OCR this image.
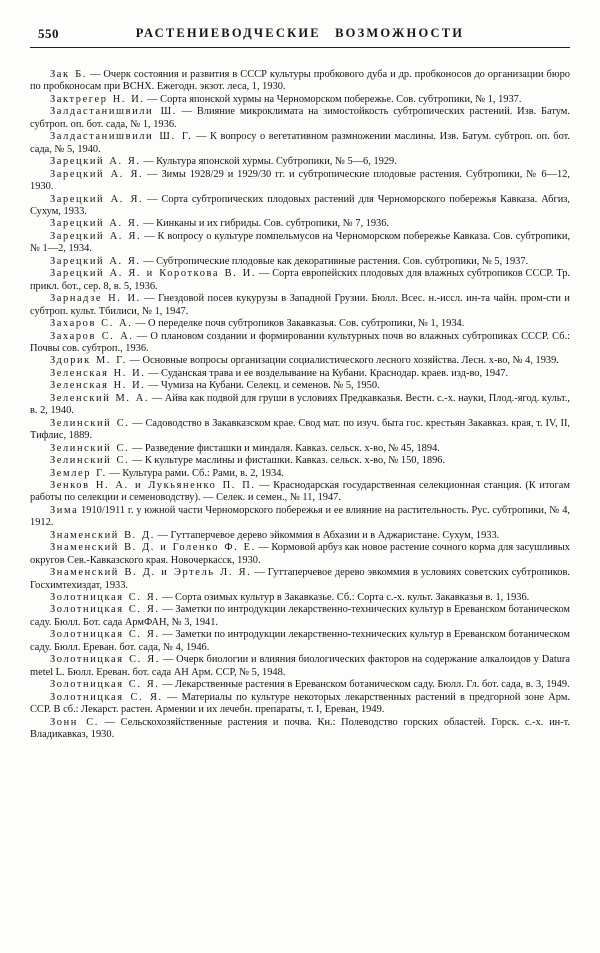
550	РАСТЕНИЕВОДЧЕСКИЕ ВОЗМОЖНОСТИ

Зак Б. — Очерк состояния и развития в СССР культуры пробкового дуба и др. пробконосов до организации бюро по пробконосам при ВСНХ. Ежегодн. экзот. леса, 1, 1930.

Зактрегер Н. И. — Сорта японской хурмы на Черноморском побережье. Сов. субтропики, № 1, 1937.

Залдастанишвили Ш. — Влияние микроклимата на зимостойкость субтропических растений. Изв. Батум. субтроп. оп. бот. сада, № 1, 1936.

Залдастанишвили Ш. Г. — К вопросу о вегетативном размножении маслины. Изв. Батум. субтроп. оп. бот. сада, № 5, 1940.

Зарецкий А. Я. — Культура японской хурмы. Субтропики, № 5—6, 1929.

Зарецкий А. Я. — Зимы 1928/29 и 1929/30 гг. и субтропические плодовые растения. Субтропики, № 6—12, 1930.

Зарецкий А. Я. — Сорта субтропических плодовых растений для Черноморского побережья Кавказа. Абгиз, Сухум, 1933.

Зарецкий А. Я. — Кинканы и их гибриды. Сов. субтропики, № 7, 1936.

Зарецкий А. Я. — К вопросу о культуре помпельмусов на Черноморском побережье Кавказа. Сов. субтропики, № 1—2, 1934.

Зарецкий А. Я. — Субтропические плодовые как декоративные растения. Сов. субтропики, № 5, 1937.

Зарецкий А. Я. и Короткова В. И. — Сорта европейских плодовых для влажных субтропиков СССР. Тр. прикл. бот., сер. 8, в. 5, 1936.

Зарнадзе Н. И. — Гнездовой посев кукурузы в Западной Грузии. Бюлл. Всес. н.-иссл. ин-та чайн. пром-сти и субтроп. культ. Тбилиси, № 1, 1947.

Захаров С. А. — О переделке почв субтропиков Закавказья. Сов. субтропики, № 1, 1934.

Захаров С. А. — О плановом создании и формировании культурных почв во влажных субтропиках СССР. Сб.: Почвы сов. субтроп., 1936.

Здорик М. Г. — Основные вопросы организации социалистического лесного хозяйства. Лесн. х-во, № 4, 1939.

Зеленская Н. И. — Суданская трава и ее возделывание на Кубани. Краснодар. краев. изд-во, 1947.

Зеленская Н. И. — Чумиза на Кубани. Селекц. и семенов. № 5, 1950.

Зеленский М. А. — Айва как подвой для груши в условиях Предкавказья. Вестн. с.-х. науки, Плод.-ягод. культ., в. 2, 1940.

Зелинский С. — Садоводство в Закавказском крае. Свод мат. по изуч. быта гос. крестьян Закавказ. края, т. IV, II, Тифлис, 1889.

Зелинский С. — Разведение фисташки и миндаля. Кавказ. сельск. х-во, № 45, 1894.

Зелинский С. — К культуре маслины и фисташки. Кавказ. сельск. х-во, № 150, 1896.

Землер Г. — Культура рами. Сб.: Рами, в. 2, 1934.

Зенков Н. А. и Лукьяненко П. П. — Краснодарская государственная селекционная станция. (К итогам работы по селекции и семеноводству). — Селек. и семен., № 11, 1947.

Зима 1910/1911 г. у южной части Черноморского побережья и ее влияние на растительность. Рус. субтропики, № 4, 1912.

Знаменский В. Д. — Гуттаперчевое дерево эйкоммия в Абхазии и в Аджаристане. Сухум, 1933.

Знаменский В. Д. и Голенко Ф. Е. — Кормовой арбуз как новое растение сочного корма для засушливых округов Сев.-Кавказского края. Новочеркасск, 1930.

Знаменский В. Д. и Эртель Л. Я. — Гуттаперчевое дерево эвкоммия в условиях советских субтропиков. Госхимтехиздат, 1933.

Золотницкая С. Я. — Сорта озимых культур в Закавказье. Сб.: Сорта с.-х. культ. Закавказья в. 1, 1936.

Золотницкая С. Я. — Заметки по интродукции лекарственно-технических культур в Ереванском ботаническом саду. Бюлл. Бот. сада АрмФАН, № 3, 1941.

Золотницкая С. Я. — Заметки по интродукции лекарственно-технических культур в Ереванском ботаническом саду. Бюлл. Ереван. бот. сада, № 4, 1946.

Золотницкая С. Я. — Очерк биологии и влияния биологических факторов на содержание алкалоидов у Datura metel L. Бюлл. Ереван. бот. сада АН Арм. ССР, № 5, 1948.

Золотницкая С. Я. — Лекарственные растения в Ереванском ботаническом саду. Бюлл. Гл. бот. сада, в. 3, 1949.

Золотницкая С. Я. — Материалы по культуре некоторых лекарственных растений в предгорной зоне Арм. ССР. В сб.: Лекарст. растен. Армении и их лечебн. препараты, т. I, Ереван, 1949.

Зонн С. — Сельскохозяйственные растения и почва. Кн.: Полеводство горских областей. Горск. с.-х. ин-т. Владикавказ, 1930.
